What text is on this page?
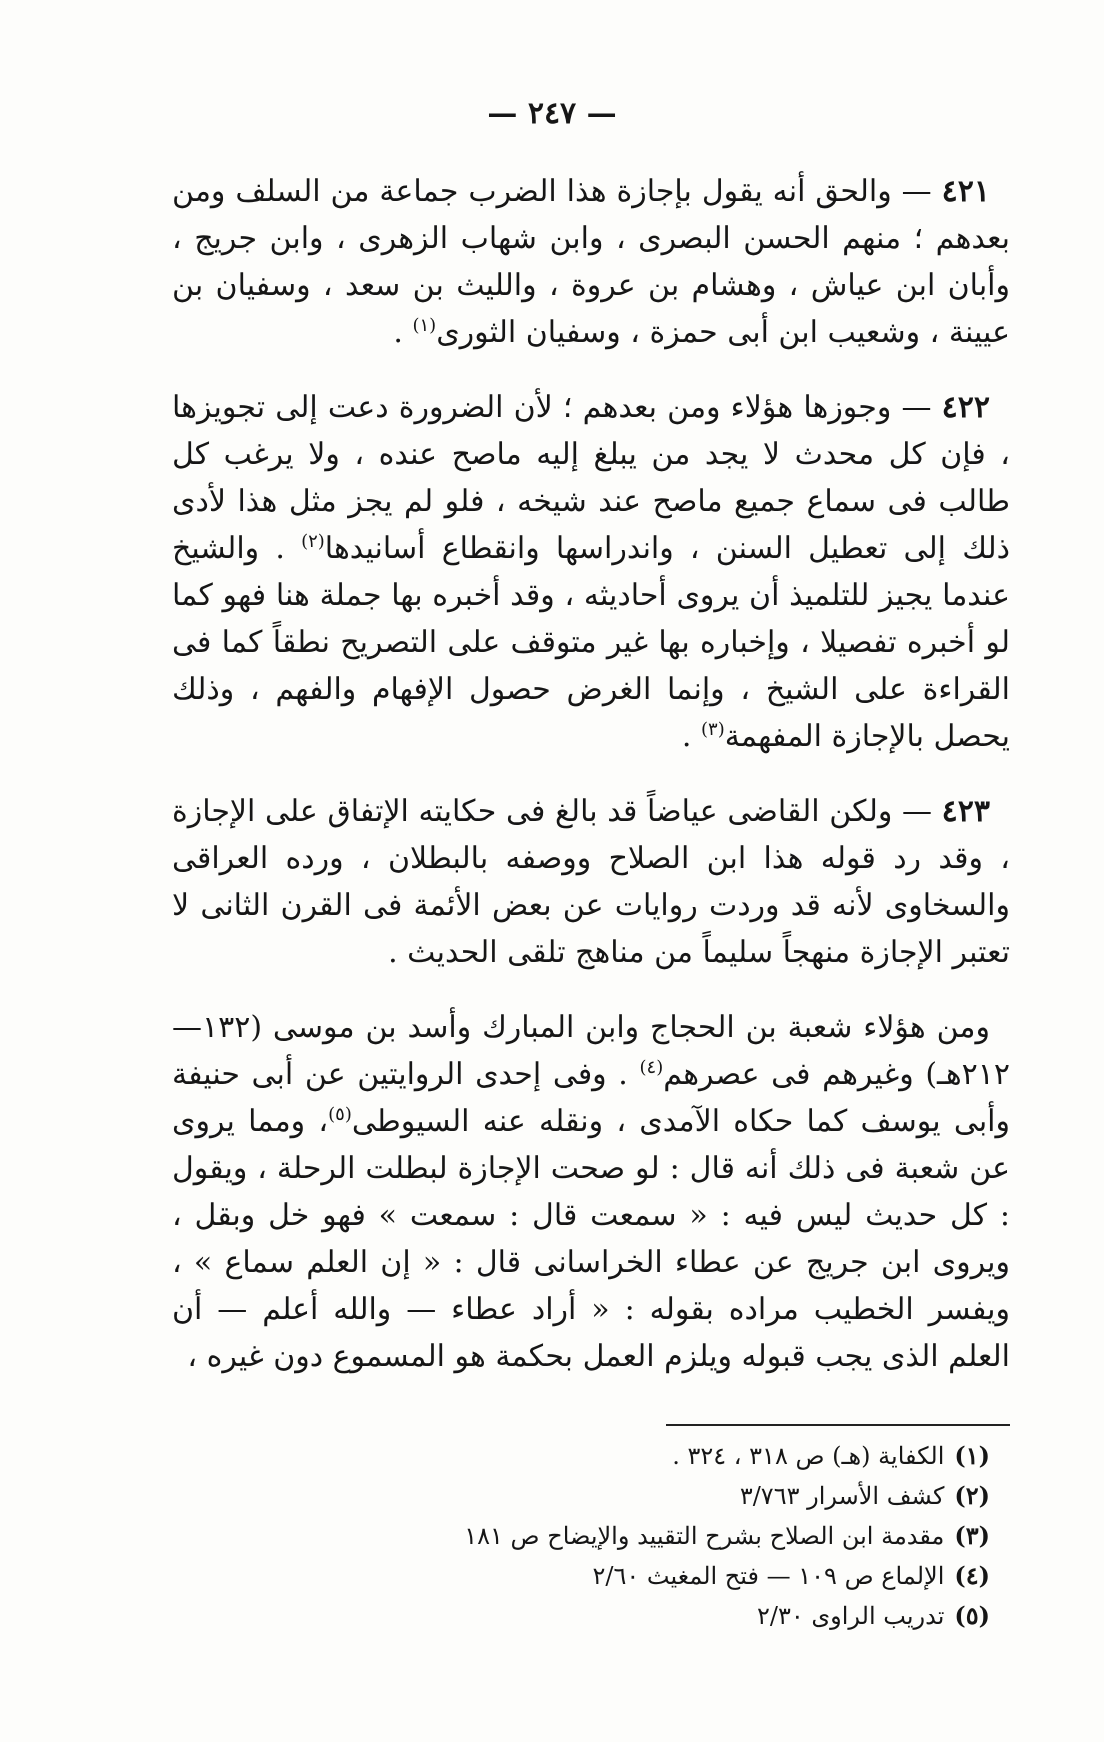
— ٢٤٧ —

٤٢١ — والحق أنه يقول بإجازة هذا الضرب جماعة من السلف ومن بعدهم ؛ منهم الحسن البصرى ، وابن شهاب الزهرى ، وابن جريج ، وأبان ابن عياش ، وهشام بن عروة ، والليث بن سعد ، وسفيان بن عيينة ، وشعيب ابن أبى حمزة ، وسفيان الثورى$^{(١)}$ .

٤٢٢ — وجوزها هؤلاء ومن بعدهم ؛ لأن الضرورة دعت إلى تجويزها ، فإن كل محدث لا يجد من يبلغ إليه ماصح عنده ، ولا يرغب كل طالب فى سماع جميع ماصح عند شيخه ، فلو لم يجز مثل هذا لأدى ذلك إلى تعطيل السنن ، واندراسها وانقطاع أسانيدها$^{(٢)}$ . والشيخ عندما يجيز للتلميذ أن يروى أحاديثه ، وقد أخبره بها جملة هنا فهو كما لو أخبره تفصيلا ، وإخباره بها غير متوقف على التصريح نطقاً كما فى القراءة على الشيخ ، وإنما الغرض حصول الإفهام والفهم ، وذلك يحصل بالإجازة المفهمة$^{(٣)}$ .

٤٢٣ — ولكن القاضى عياضاً قد بالغ فى حكايته الإتفاق على الإجازة ، وقد رد قوله هذا ابن الصلاح ووصفه بالبطلان ، ورده العراقى والسخاوى لأنه قد وردت روايات عن بعض الأئمة فى القرن الثانى لا تعتبر الإجازة منهجاً سليماً من مناهج تلقى الحديث .

ومن هؤلاء شعبة بن الحجاج وابن المبارك وأسد بن موسى (١٣٢—٢١٢هـ) وغيرهم فى عصرهم$^{(٤)}$ . وفى إحدى الروايتين عن أبى حنيفة وأبى يوسف كما حكاه الآمدى ، ونقله عنه السيوطى$^{(٥)}$، ومما يروى عن شعبة فى ذلك أنه قال : لو صحت الإجازة لبطلت الرحلة ، ويقول : كل حديث ليس فيه : « سمعت قال : سمعت » فهو خل وبقل ، ويروى ابن جريج عن عطاء الخراسانى قال : « إن العلم سماع » ، ويفسر الخطيب مراده بقوله : « أراد عطاء — والله أعلم — أن العلم الذى يجب قبوله ويلزم العمل بحكمة هو المسموع دون غيره ،

(١)الكفاية (هـ) ص ٣١٨ ، ٣٢٤ .

(٢)كشف الأسرار ٣/٧٦٣

(٣)مقدمة ابن الصلاح بشرح التقييد والإيضاح ص ١٨١

(٤)الإلماع ص ١٠٩ — فتح المغيث ٢/٦٠

(٥)تدريب الراوى ٢/٣٠
